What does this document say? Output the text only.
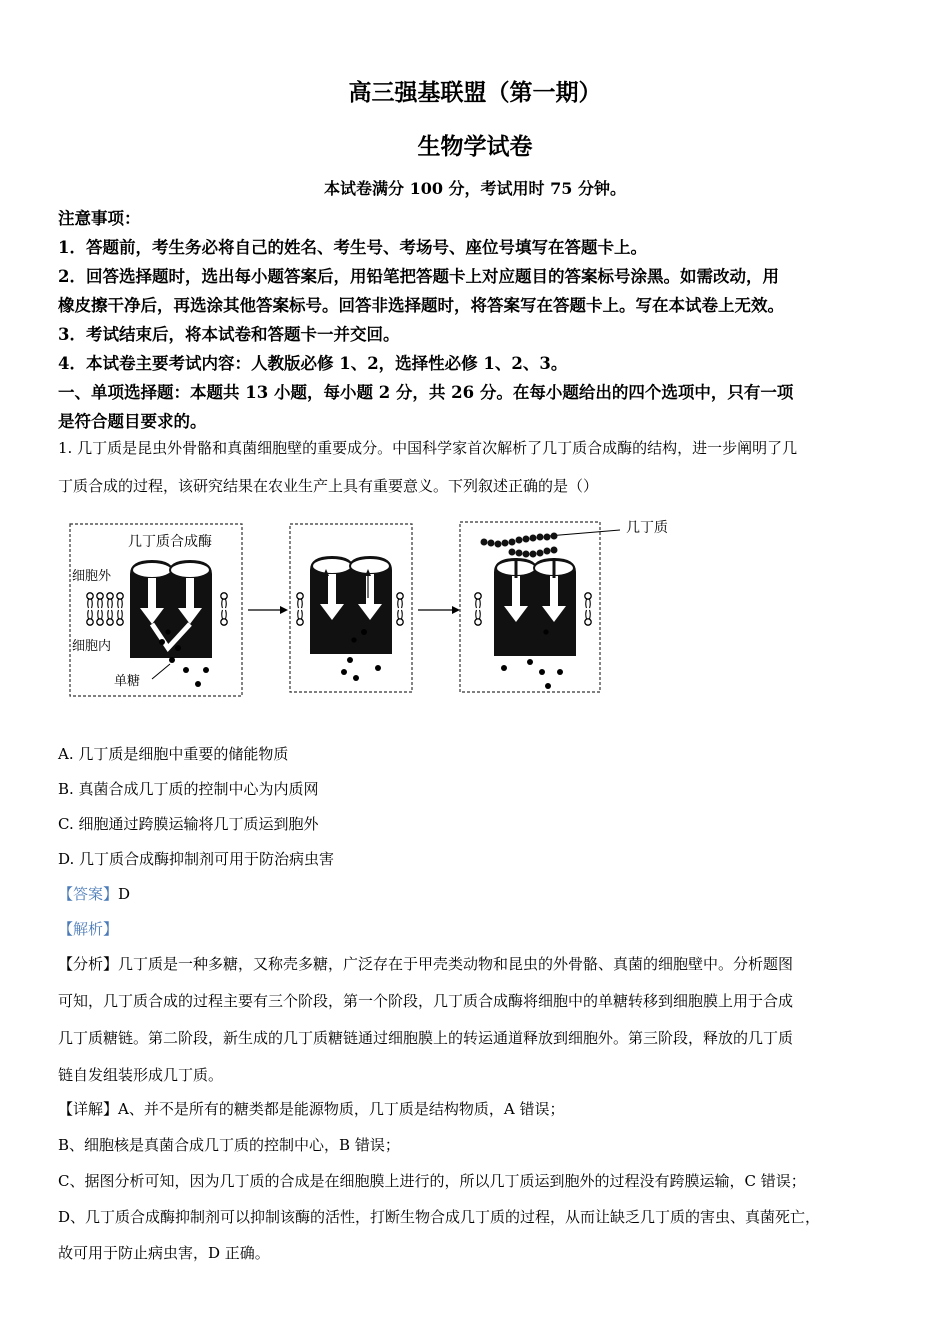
高三强基联盟（第一期）
生物学试卷
本试卷满分 100 分，考试用时 75 分钟。
注意事项：
1．答题前，考生务必将自己的姓名、考生号、考场号、座位号填写在答题卡上。
2．回答选择题时，选出每小题答案后，用铅笔把答题卡上对应题目的答案标号涂黑。如需改动，用
橡皮擦干净后，再选涂其他答案标号。回答非选择题时，将答案写在答题卡上。写在本试卷上无效。
3．考试结束后，将本试卷和答题卡一并交回。
4．本试卷主要考试内容：人教版必修 1、2，选择性必修 1、2、3。
一、单项选择题：本题共 13 小题，每小题 2 分，共 26 分。在每小题给出的四个选项中，只有一项
是符合题目要求的。
1. 几丁质是昆虫外骨骼和真菌细胞壁的重要成分。中国科学家首次解析了几丁质合成酶的结构，进一步阐明了几
丁质合成的过程，该研究结果在农业生产上具有重要意义。下列叙述正确的是（）
几丁质合成酶
细胞外
细胞内
单糖
几丁质
A. 几丁质是细胞中重要的储能物质
B. 真菌合成几丁质的控制中心为内质网
C. 细胞通过跨膜运输将几丁质运到胞外
D. 几丁质合成酶抑制剂可用于防治病虫害
【答案】D
【解析】
【分析】几丁质是一种多糖，又称壳多糖，广泛存在于甲壳类动物和昆虫的外骨骼、真菌的细胞壁中。分析题图
可知，几丁质合成的过程主要有三个阶段，第一个阶段，几丁质合成酶将细胞中的单糖转移到细胞膜上用于合成
几丁质糖链。第二阶段，新生成的几丁质糖链通过细胞膜上的转运通道释放到细胞外。第三阶段，释放的几丁质
链自发组装形成几丁质。
【详解】A、并不是所有的糖类都是能源物质，几丁质是结构物质，A 错误；
B、细胞核是真菌合成几丁质的控制中心，B 错误；
C、据图分析可知，因为几丁质的合成是在细胞膜上进行的，所以几丁质运到胞外的过程没有跨膜运输，C 错误；
D、几丁质合成酶抑制剂可以抑制该酶的活性，打断生物合成几丁质的过程，从而让缺乏几丁质的害虫、真菌死亡，
故可用于防止病虫害，D 正确。
